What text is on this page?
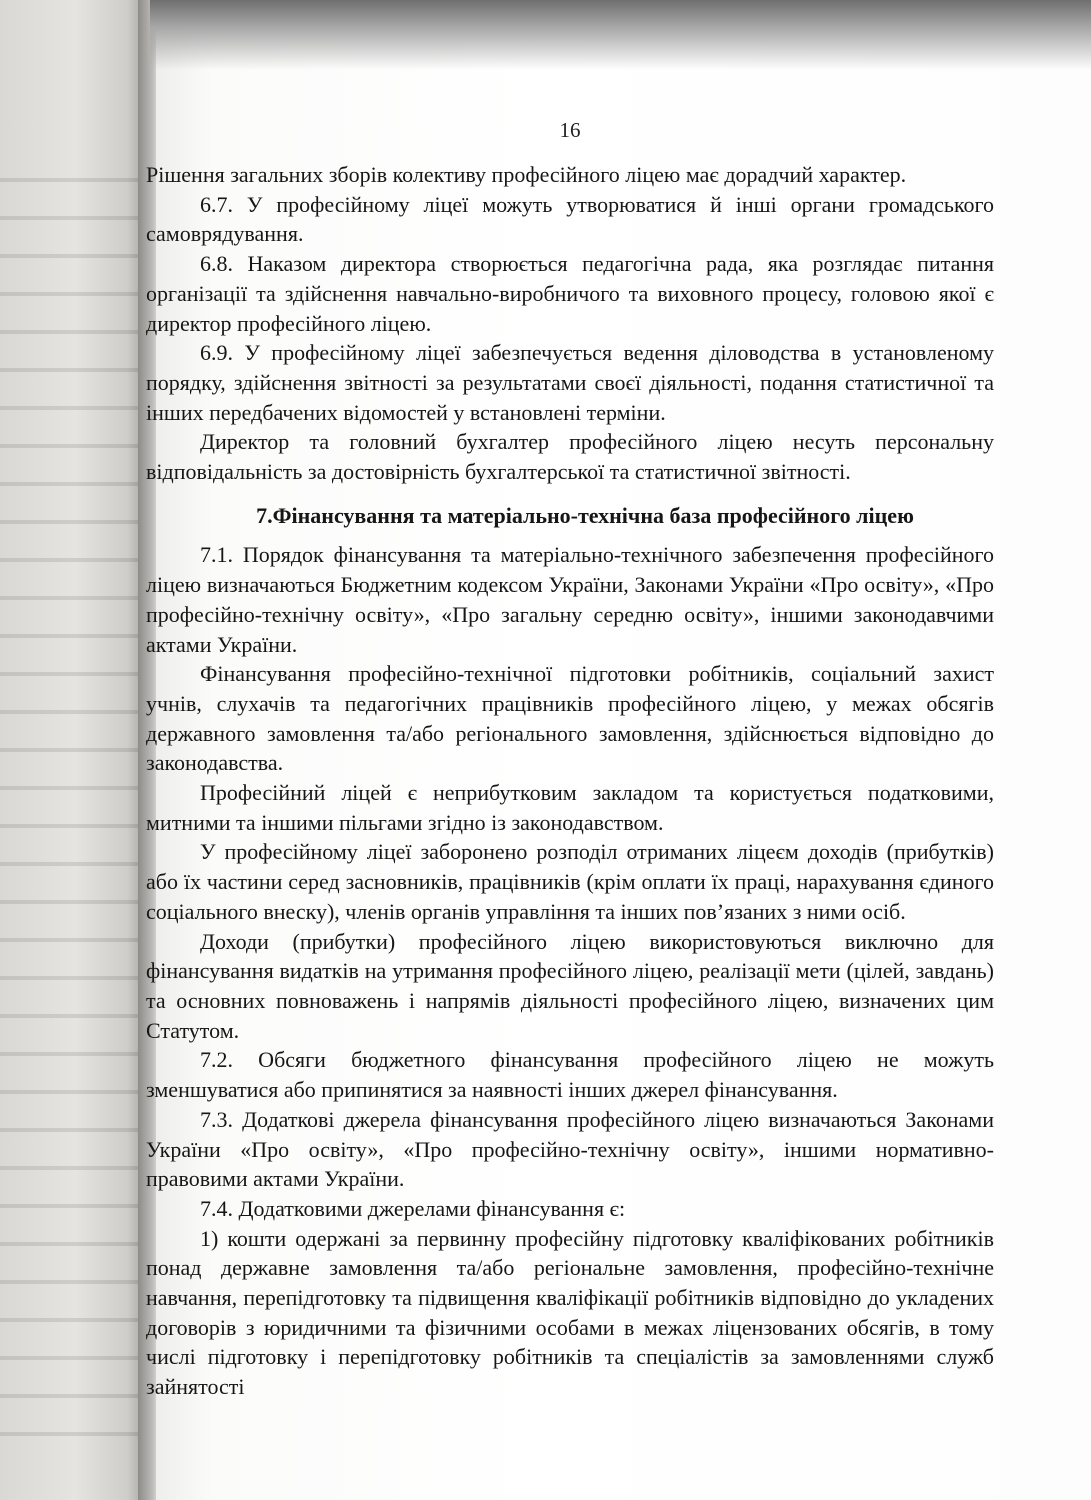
16

Рішення загальних зборів колективу професійного ліцею має дорадчий характер.

6.7. У професійному ліцеї можуть утворюватися й інші органи громадського самоврядування.

6.8. Наказом директора створюється педагогічна рада, яка розглядає питання організації та здійснення навчально-виробничого та виховного процесу, головою якої є директор професійного ліцею.

6.9. У професійному ліцеї забезпечується ведення діловодства в установленому порядку, здійснення звітності за результатами своєї діяльності, подання статистичної та інших передбачених відомостей у встановлені терміни.

Директор та головний бухгалтер професійного ліцею несуть персональну відповідальність за достовірність бухгалтерської та статистичної звітності.

7.Фінансування та матеріально-технічна база професійного ліцею

7.1. Порядок фінансування та матеріально-технічного забезпечення професійного ліцею визначаються Бюджетним кодексом України, Законами України «Про освіту», «Про професійно-технічну освіту», «Про загальну середню освіту», іншими законодавчими актами України.

Фінансування професійно-технічної підготовки робітників, соціальний захист учнів, слухачів та педагогічних працівників професійного ліцею, у межах обсягів державного замовлення та/або регіонального замовлення, здійснюється відповідно до законодавства.

Професійний ліцей є неприбутковим закладом та користується податковими, митними та іншими пільгами згідно із законодавством.

У професійному ліцеї заборонено розподіл отриманих ліцеєм доходів (прибутків) або їх частини серед засновників, працівників (крім оплати їх праці, нарахування єдиного соціального внеску), членів органів управління та інших пов’язаних з ними осіб.

Доходи (прибутки) професійного ліцею використовуються виключно для фінансування видатків на утримання професійного ліцею, реалізації мети (цілей, завдань) та основних повноважень і напрямів діяльності професійного ліцею, визначених цим Статутом.

7.2. Обсяги бюджетного фінансування професійного ліцею не можуть зменшуватися або припинятися за наявності інших джерел фінансування.

7.3. Додаткові джерела фінансування професійного ліцею визначаються Законами України «Про освіту», «Про професійно-технічну освіту», іншими нормативно-правовими актами України.

7.4. Додатковими джерелами фінансування є:

1) кошти одержані за первинну професійну підготовку кваліфікованих робітників понад державне замовлення та/або регіональне замовлення, професійно-технічне навчання, перепідготовку та підвищення кваліфікації робітників відповідно до укладених договорів з юридичними та фізичними особами в межах ліцензованих обсягів, в тому числі підготовку і перепідготовку робітників та спеціалістів за замовленнями служб зайнятості
